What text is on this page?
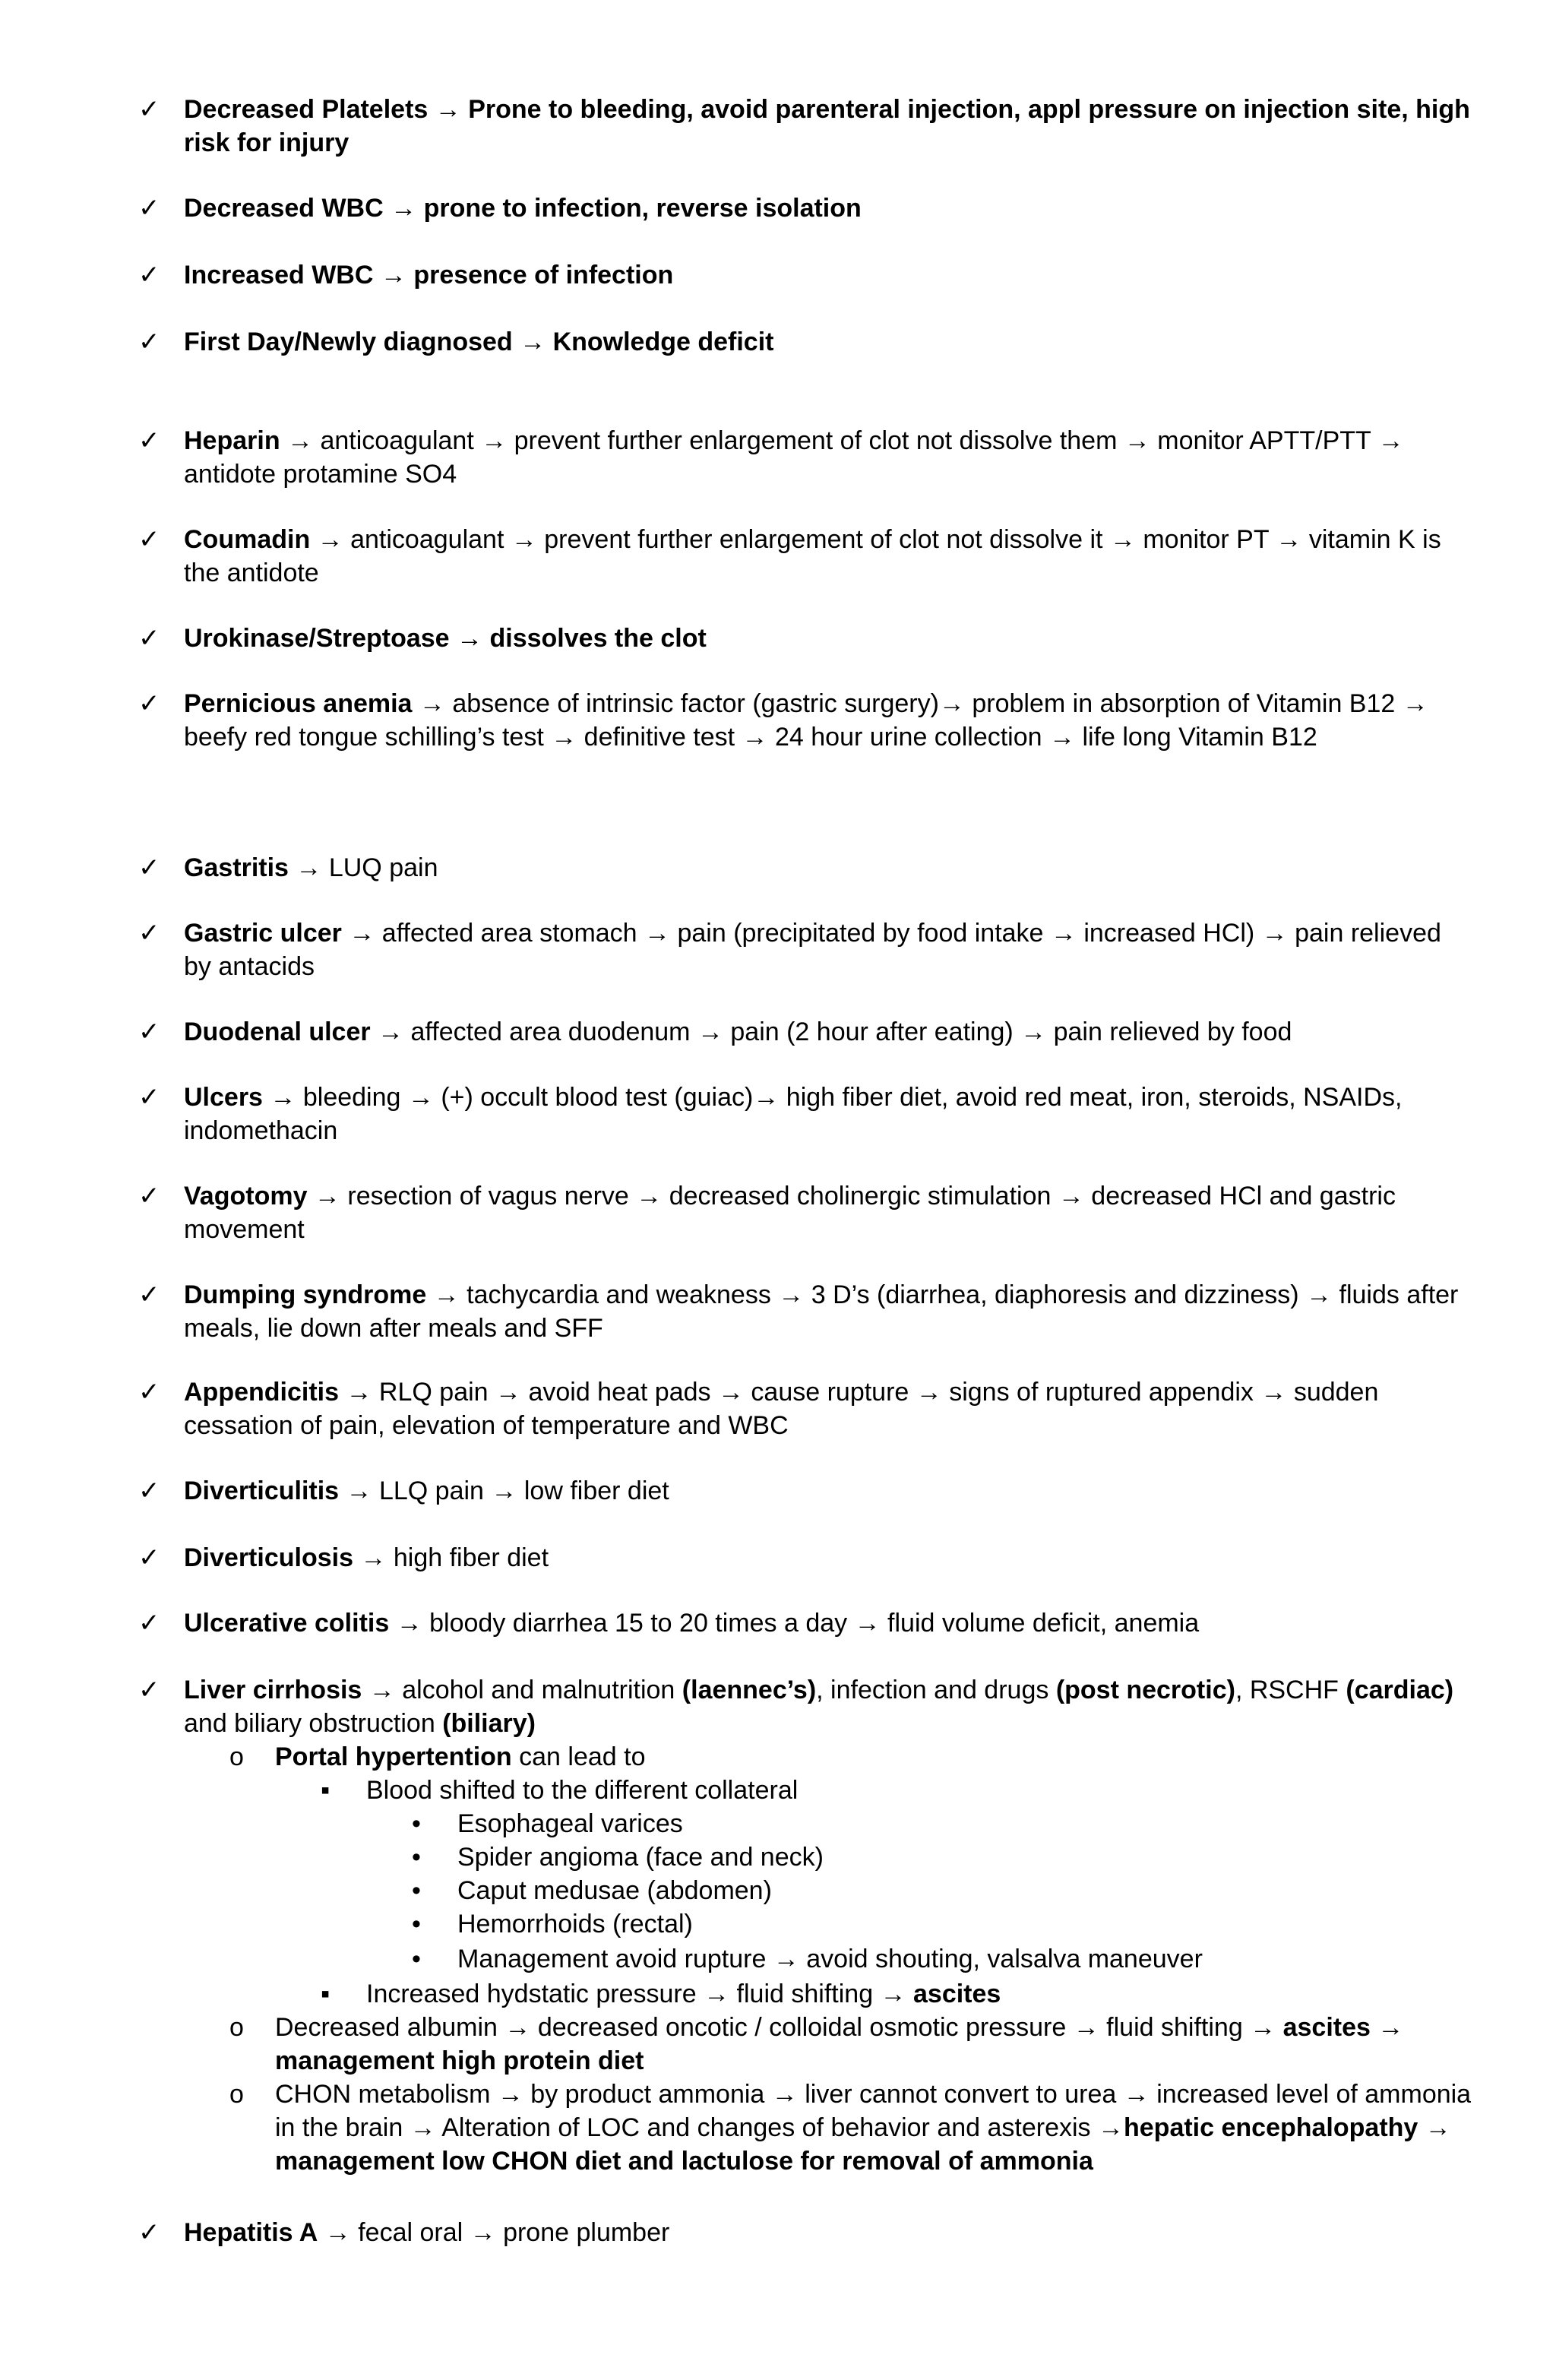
✓ Decreased Platelets → Prone to bleeding, avoid parenteral injection, appl pressure on injection site, high risk for injury
✓ Decreased WBC → prone to infection, reverse isolation
✓ Increased WBC → presence of infection
✓ First Day/Newly diagnosed → Knowledge deficit
✓ Heparin → anticoagulant → prevent further enlargement of clot not dissolve them → monitor APTT/PTT → antidote protamine SO4
✓ Coumadin → anticoagulant → prevent further enlargement of clot not dissolve it → monitor PT → vitamin K is the antidote
✓ Urokinase/Streptoase → dissolves the clot
✓ Pernicious anemia → absence of intrinsic factor (gastric surgery)→ problem in absorption of Vitamin B12 → beefy red tongue schilling’s test → definitive test → 24 hour urine collection → life long Vitamin B12
✓ Gastritis → LUQ pain
✓ Gastric ulcer → affected area stomach → pain (precipitated by food intake → increased HCl) → pain relieved by antacids
✓ Duodenal ulcer → affected area duodenum → pain (2 hour after eating) → pain relieved by food
✓ Ulcers → bleeding → (+) occult blood test (guiac)→ high fiber diet, avoid red meat, iron, steroids, NSAIDs, indomethacin
✓ Vagotomy → resection of vagus nerve → decreased cholinergic stimulation → decreased HCl and gastric movement
✓ Dumping syndrome → tachycardia and weakness → 3 D’s (diarrhea, diaphoresis and dizziness) → fluids after meals, lie down after meals and SFF
✓ Appendicitis → RLQ pain → avoid heat pads → cause rupture → signs of ruptured appendix → sudden cessation of pain, elevation of temperature and WBC
✓ Diverticulitis → LLQ pain → low fiber diet
✓ Diverticulosis → high fiber diet
✓ Ulcerative colitis → bloody diarrhea 15 to 20 times a day → fluid volume deficit, anemia
✓ Liver cirrhosis → alcohol and malnutrition (laennec’s), infection and drugs (post necrotic), RSCHF (cardiac) and biliary obstruction (biliary)
o Portal hypertention can lead to
▪ Blood shifted to the different collateral
• Esophageal varices
• Spider angioma (face and neck)
• Caput medusae (abdomen)
• Hemorrhoids (rectal)
• Management avoid rupture → avoid shouting, valsalva maneuver
▪ Increased hydstatic pressure → fluid shifting → ascites
o Decreased albumin → decreased oncotic / colloidal osmotic pressure → fluid shifting → ascites → management high protein diet
o CHON metabolism → by product ammonia → liver cannot convert to urea → increased level of ammonia in the brain → Alteration of LOC and changes of behavior and asterexis →hepatic encephalopathy → management low CHON diet and lactulose for removal of ammonia
✓ Hepatitis A → fecal oral → prone plumber
